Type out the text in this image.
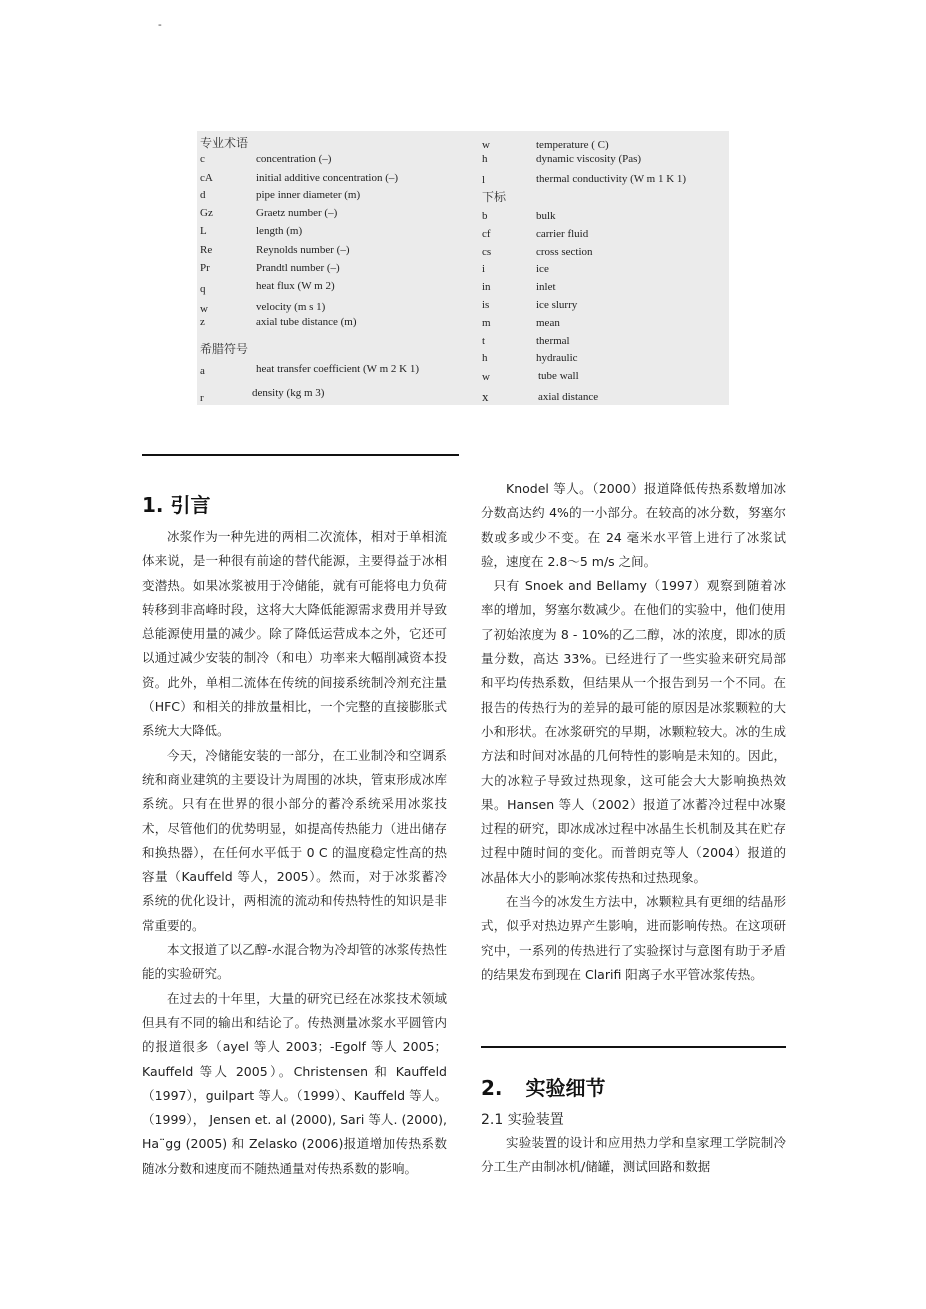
-
专业术语
c	concentration (–)
cA	initial additive concentration (–)
d	pipe inner diameter (m)
Gz	Graetz number (–)
L	length (m)
Re	Reynolds number (–)
Pr	Prandtl number (–)
q	heat flux (W m 2)
w	velocity (m s 1)
z	axial tube distance (m)
希腊符号
a	heat transfer coefficient (W m 2 K 1)
r	density (kg m 3)
w	temperature ( C)
h	dynamic viscosity (Pas)
l	thermal conductivity (W m 1 K 1)
下标
b	bulk
cf	carrier fluid
cs	cross section
i	ice
in	inlet
is	ice slurry
m	mean
t	thermal
h	hydraulic
w	tube wall
x	axial distance
1. 引言

冰浆作为一种先进的两相二次流体，相对于单相流体来说，是一种很有前途的替代能源，主要得益于冰相变潜热。如果冰浆被用于冷储能，就有可能将电力负荷转移到非高峰时段，这将大大降低能源需求费用并导致总能源使用量的减少。除了降低运营成本之外，它还可以通过减少安装的制冷（和电）功率来大幅削减资本投资。此外，单相二流体在传统的间接系统制冷剂充注量（HFC）和相关的排放量相比，一个完整的直接膨胀式系统大大降低。

今天，冷储能安装的一部分，在工业制冷和空调系统和商业建筑的主要设计为周围的冰块，管束形成冰库系统。只有在世界的很小部分的蓄冷系统采用冰浆技术，尽管他们的优势明显，如提高传热能力（进出储存和换热器），在任何水平低于 0 C 的温度稳定性高的热容量（Kauffeld 等人，2005）。然而，对于冰浆蓄冷系统的优化设计，两相流的流动和传热特性的知识是非常重要的。

本文报道了以乙醇-水混合物为冷却管的冰浆传热性能的实验研究。

在过去的十年里，大量的研究已经在冰浆技术领域但具有不同的输出和结论了。传热测量冰浆水平圆管内的报道很多（ayel 等人 2003；-Egolf 等人 2005；Kauffeld 等人 2005）。Christensen 和 Kauffeld（1997），guilpart 等人。（1999）、Kauffeld 等人。（1999）， Jensen et. al (2000), Sari 等人. (2000), Ha¨gg (2005) 和 Zelasko (2006)报道增加传热系数随冰分数和速度而不随热通量对传热系数的影响。

Knodel 等人。（2000）报道降低传热系数增加冰分数高达约 4%的一小部分。在较高的冰分数，努塞尔数或多或少不变。在 24 毫米水平管上进行了冰浆试验，速度在 2.8～5 m/s 之间。

只有 Snoek and Bellamy（1997）观察到随着冰率的增加，努塞尔数减少。在他们的实验中，他们使用了初始浓度为 8 - 10%的乙二醇，冰的浓度，即冰的质量分数，高达 33%。已经进行了一些实验来研究局部和平均传热系数，但结果从一个报告到另一个不同。在报告的传热行为的差异的最可能的原因是冰浆颗粒的大小和形状。在冰浆研究的早期，冰颗粒较大。冰的生成方法和时间对冰晶的几何特性的影响是未知的。因此，大的冰粒子导致过热现象，这可能会大大影响换热效果。Hansen 等人（2002）报道了冰蓄冷过程中冰聚过程的研究，即冰成冰过程中冰晶生长机制及其在贮存过程中随时间的变化。而普朗克等人（2004）报道的冰晶体大小的影响冰浆传热和过热现象。

在当今的冰发生方法中，冰颗粒具有更细的结晶形式，似乎对热边界产生影响，进而影响传热。在这项研究中，一系列的传热进行了实验探讨与意图有助于矛盾的结果发布到现在 Clarifi 阳离子水平管冰浆传热。

2. 实验细节
2.1 实验装置

实验装置的设计和应用热力学和皇家理工学院制冷分工生产由制冰机/储罐，测试回路和数据
